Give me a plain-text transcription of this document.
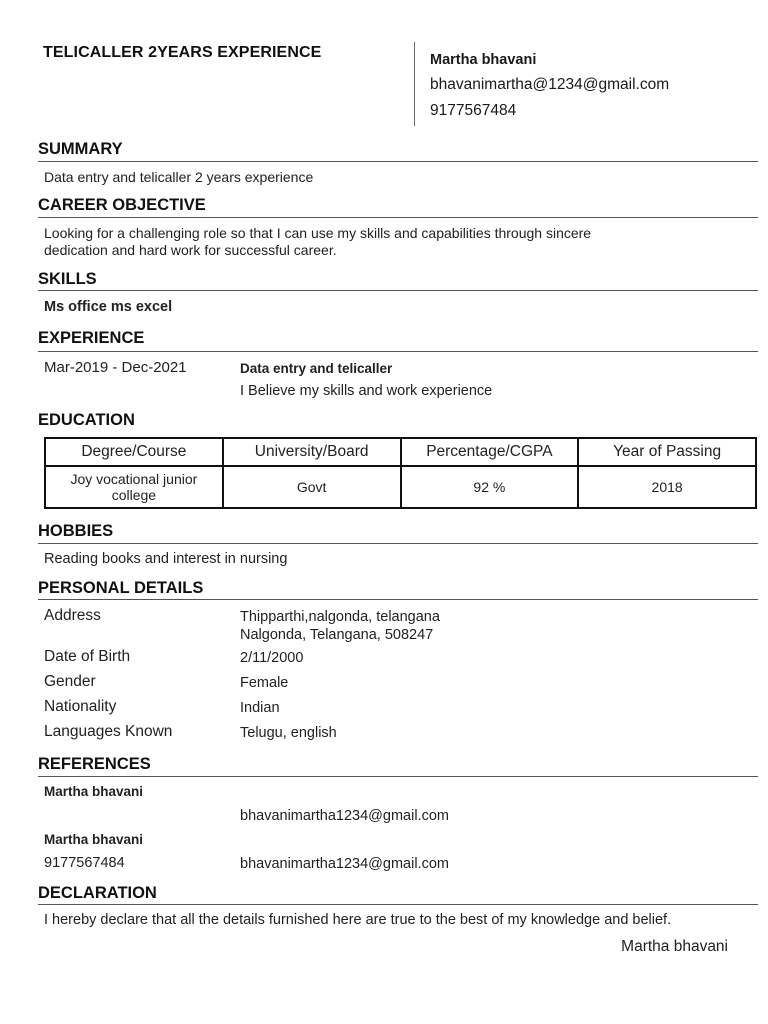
TELICALLER 2YEARS EXPERIENCE	Martha bhavani
bhavanimartha@1234@gmail.com
9177567484
SUMMARY
Data entry and telicaller 2 years experience
CAREER OBJECTIVE
Looking for a challenging role so that I can use my skills and capabilities through sincere
dedication and hard work for successful career.
SKILLS
Ms office ms excel
EXPERIENCE
Mar-2019 - Dec-2021	Data entry and telicaller
I Believe my skills and work experience
EDUCATION
Degree/Course	University/Board	Percentage/CGPA	Year of Passing
Joy vocational junior college	Govt	92 %	2018
HOBBIES
Reading books and interest in nursing
PERSONAL DETAILS
Address	Thipparthi,nalgonda, telangana
Nalgonda, Telangana, 508247
Date of Birth	2/11/2000
Gender	Female
Nationality	Indian
Languages Known	Telugu, english
REFERENCES
Martha bhavani
bhavanimartha1234@gmail.com
Martha bhavani
9177567484	bhavanimartha1234@gmail.com
DECLARATION
I hereby declare that all the details furnished here are true to the best of my knowledge and belief.
Martha bhavani
